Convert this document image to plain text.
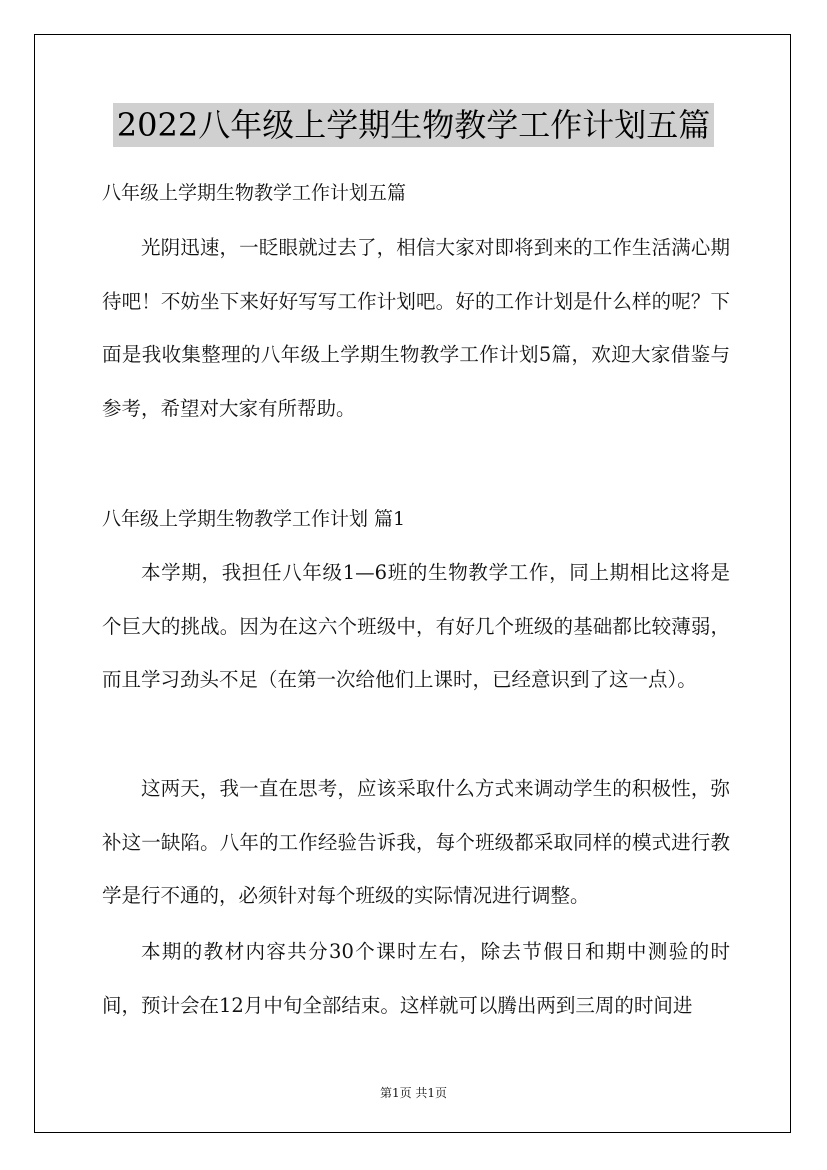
2022八年级上学期生物教学工作计划五篇
八年级上学期生物教学工作计划五篇
光阴迅速，一眨眼就过去了，相信大家对即将到来的工作生活满心期待吧！不妨坐下来好好写写工作计划吧。好的工作计划是什么样的呢？下面是我收集整理的八年级上学期生物教学工作计划5篇，欢迎大家借鉴与参考，希望对大家有所帮助。
八年级上学期生物教学工作计划 篇1
本学期，我担任八年级1—6班的生物教学工作，同上期相比这将是个巨大的挑战。因为在这六个班级中，有好几个班级的基础都比较薄弱，而且学习劲头不足（在第一次给他们上课时，已经意识到了这一点）。
这两天，我一直在思考，应该采取什么方式来调动学生的积极性，弥补这一缺陷。八年的工作经验告诉我，每个班级都采取同样的模式进行教学是行不通的，必须针对每个班级的实际情况进行调整。
本期的教材内容共分30个课时左右，除去节假日和期中测验的时间，预计会在12月中旬全部结束。这样就可以腾出两到三周的时间进
第1页 共1页
